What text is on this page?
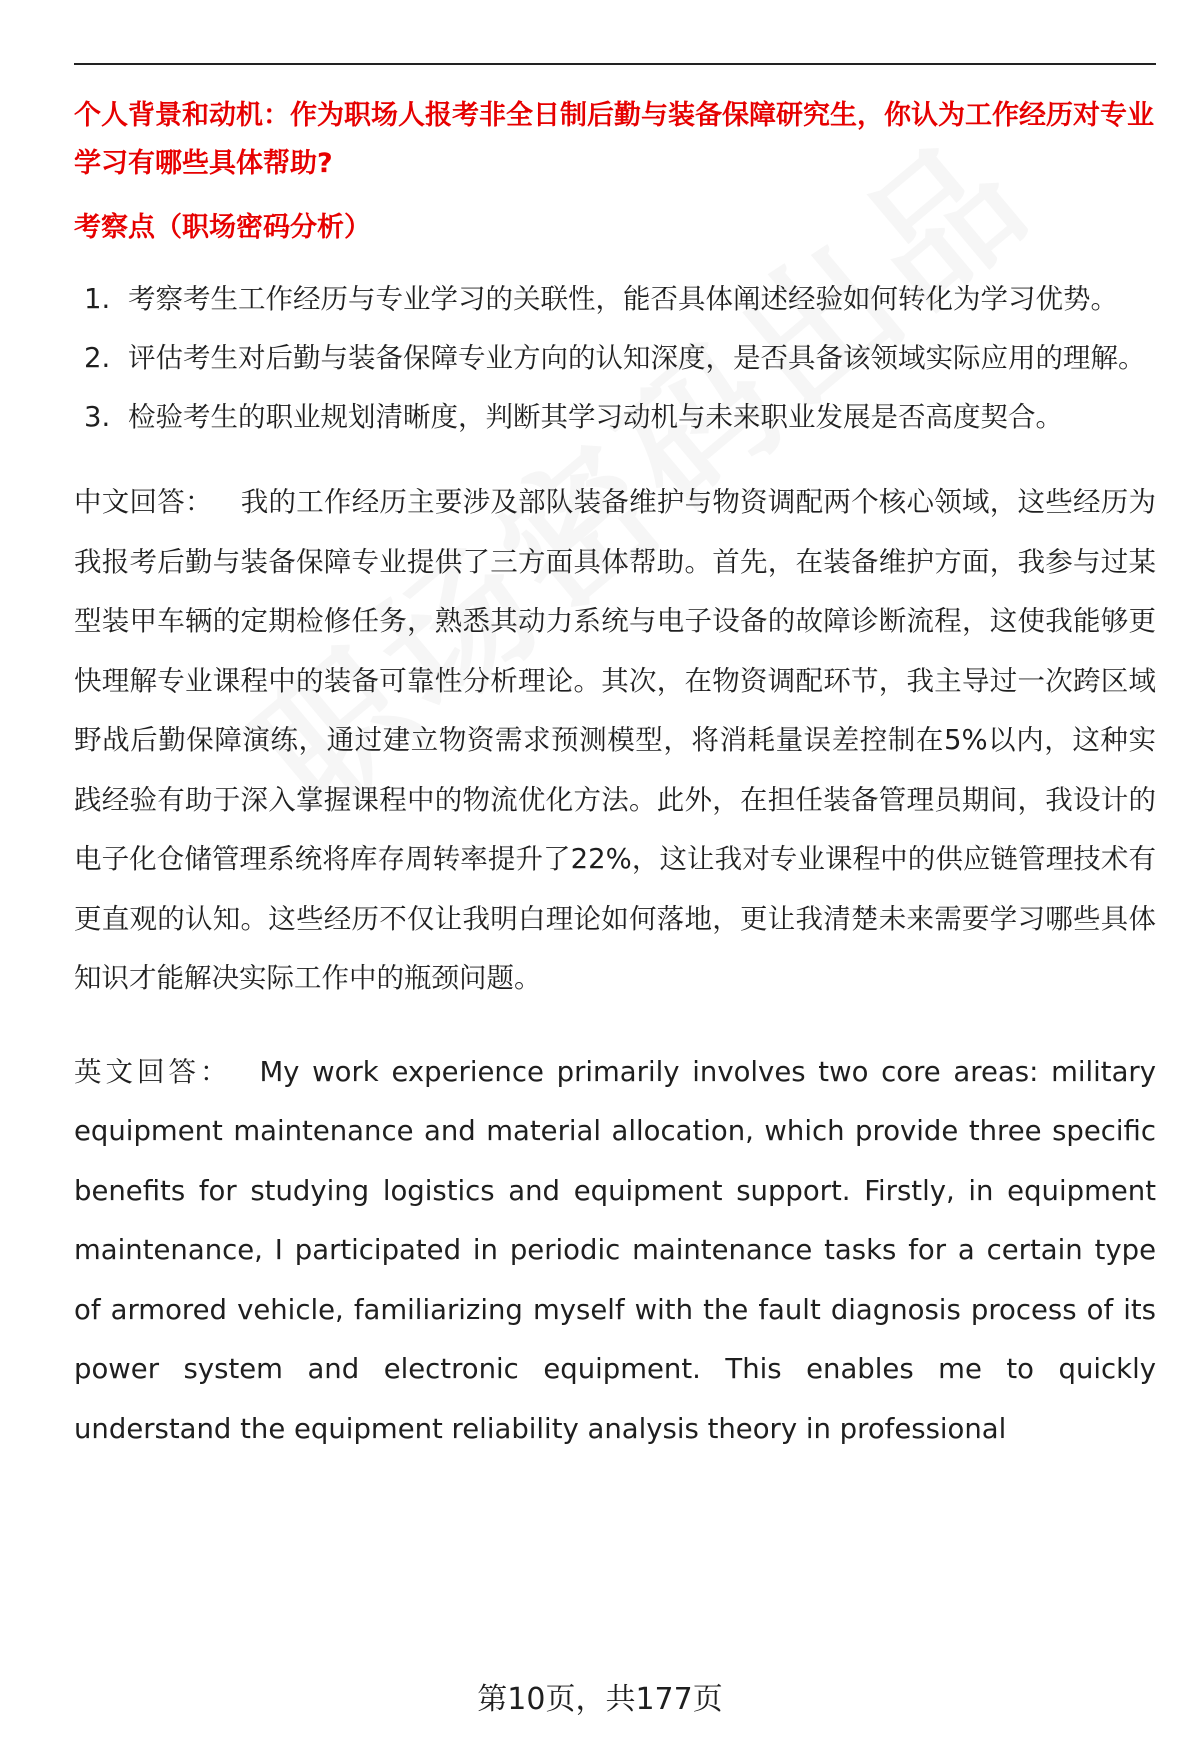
个人背景和动机：作为职场人报考非全日制后勤与装备保障研究生，你认为工作经历对专业学习有哪些具体帮助?

考察点（职场密码分析）

1. 考察考生工作经历与专业学习的关联性，能否具体阐述经验如何转化为学习优势。
2. 评估考生对后勤与装备保障专业方向的认知深度，是否具备该领域实际应用的理解。
3. 检验考生的职业规划清晰度，判断其学习动机与未来职业发展是否高度契合。

中文回答： 我的工作经历主要涉及部队装备维护与物资调配两个核心领域，这些经历为我报考后勤与装备保障专业提供了三方面具体帮助。首先，在装备维护方面，我参与过某型装甲车辆的定期检修任务，熟悉其动力系统与电子设备的故障诊断流程，这使我能够更快理解专业课程中的装备可靠性分析理论。其次，在物资调配环节，我主导过一次跨区域野战后勤保障演练，通过建立物资需求预测模型，将消耗量误差控制在5%以内，这种实践经验有助于深入掌握课程中的物流优化方法。此外，在担任装备管理员期间，我设计的电子化仓储管理系统将库存周转率提升了22%，这让我对专业课程中的供应链管理技术有更直观的认知。这些经历不仅让我明白理论如何落地，更让我清楚未来需要学习哪些具体知识才能解决实际工作中的瓶颈问题。

英文回答： My work experience primarily involves two core areas: military equipment maintenance and material allocation, which provide three specific benefits for studying logistics and equipment support. Firstly, in equipment maintenance, I participated in periodic maintenance tasks for a certain type of armored vehicle, familiarizing myself with the fault diagnosis process of its power system and electronic equipment. This enables me to quickly understand the equipment reliability analysis theory in professional

第10页，共177页
